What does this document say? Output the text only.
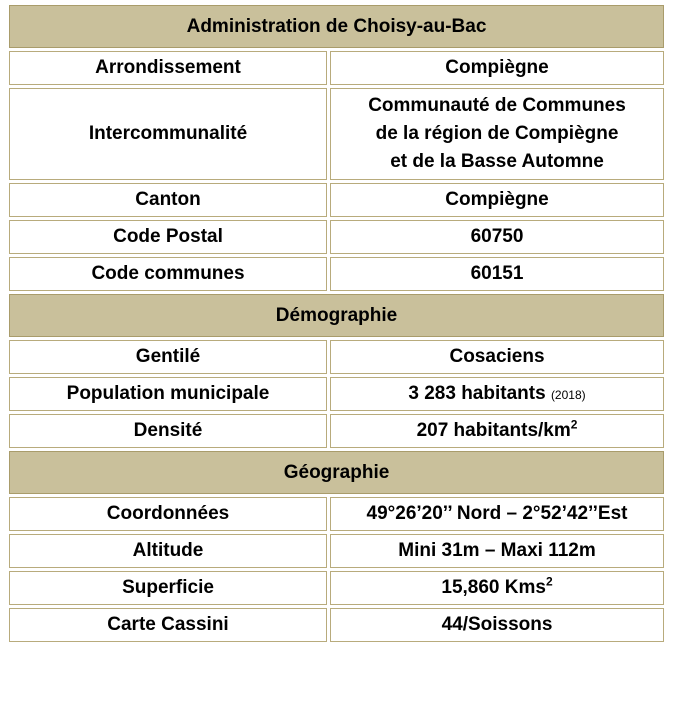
Administration de Choisy-au-Bac	
Arrondissement	Compiègne
Intercommunalité	Communauté de Communes
de la région de Compiègne
et de la Basse Automne

Canton	Compiègne
Code Postal	60750
Code communes	60151
Démographie	
Gentilé	Cosaciens
Population municipale	3 283 habitants (2018)
Densité	207 habitants/$km^2$
Géographie	
Coordonnées	49°26’20’’ Nord – 2°52’42’’Est
Altitude	Mini 31m – Maxi 112m
Superficie	15,860 Kms$^2$
Carte Cassini	44/Soissons
